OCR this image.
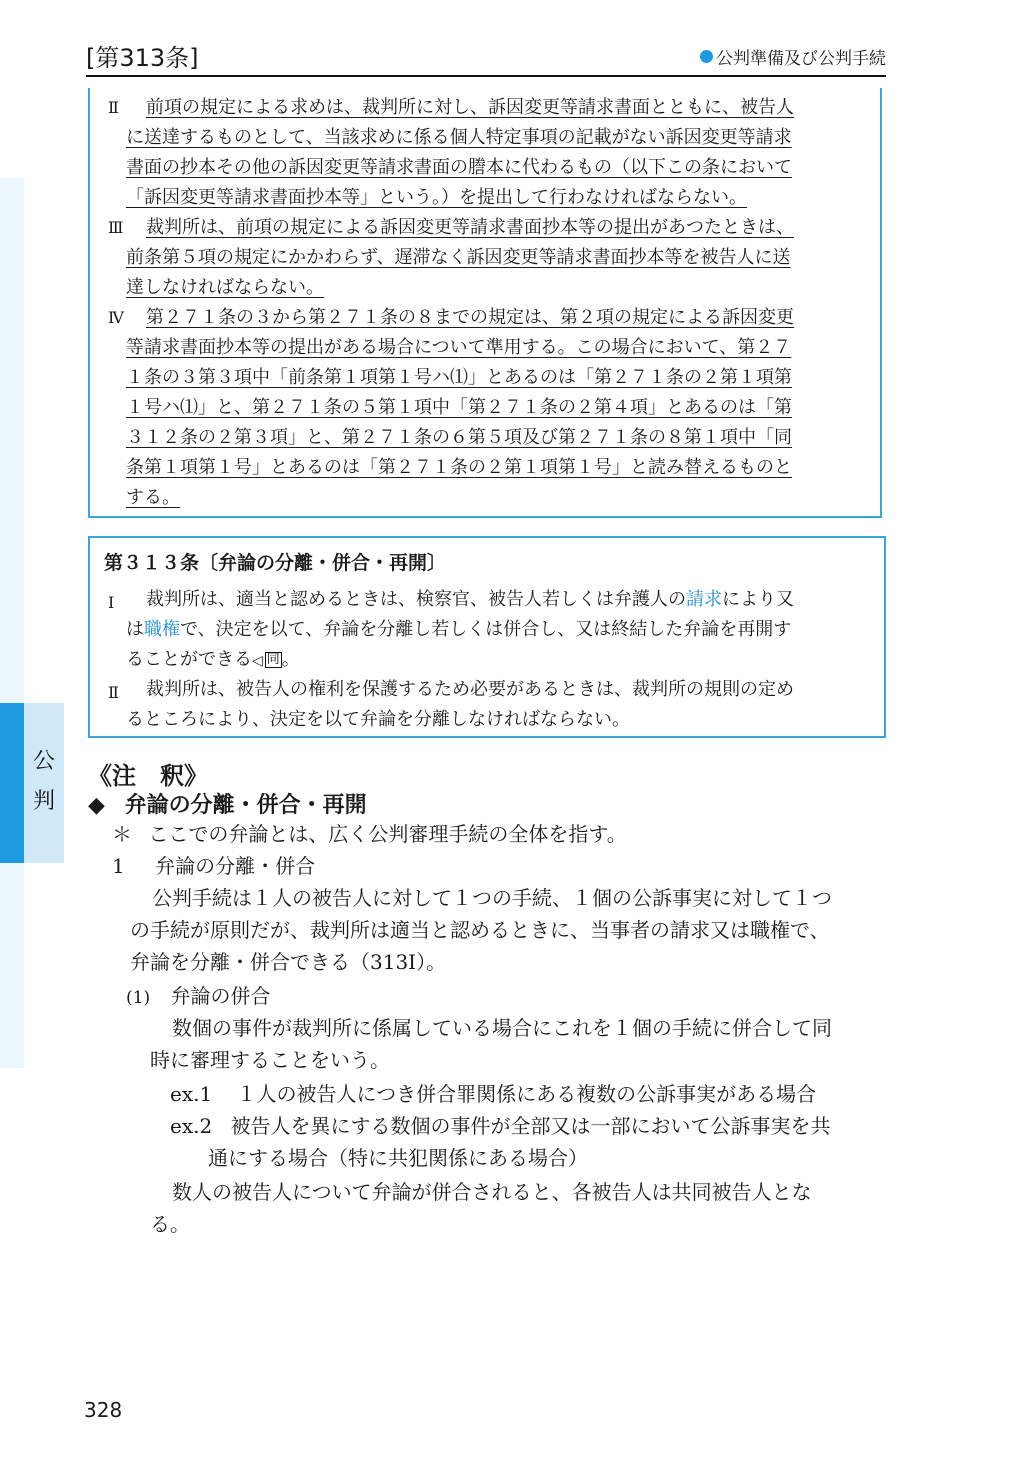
[第313条]	公判準備及び公判手続
公
判
Ⅱ 前項の規定による求めは、裁判所に対し、訴因変更等請求書面とともに、被告人
に送達するものとして、当該求めに係る個人特定事項の記載がない訴因変更等請求
書面の抄本その他の訴因変更等請求書面の謄本に代わるもの（以下この条において
「訴因変更等請求書面抄本等」という。）を提出して行わなければならない。
Ⅲ 裁判所は、前項の規定による訴因変更等請求書面抄本等の提出があつたときは、
前条第５項の規定にかかわらず、遅滞なく訴因変更等請求書面抄本等を被告人に送
達しなければならない。
Ⅳ 第２７１条の３から第２７１条の８までの規定は、第２項の規定による訴因変更
等請求書面抄本等の提出がある場合について準用する。この場合において、第２７
１条の３第３項中「前条第１項第１号ハ⑴」とあるのは「第２７１条の２第１項第
１号ハ⑴」と、第２７１条の５第１項中「第２７１条の２第４項」とあるのは「第
３１２条の２第３項」と、第２７１条の６第５項及び第２７１条の８第１項中「同
条第１項第１号」とあるのは「第２７１条の２第１項第１号」と読み替えるものと
する。
第３１３条〔弁論の分離・併合・再開〕
Ⅰ 裁判所は、適当と認めるときは、検察官、被告人若しくは弁護人の請求により又
は職権で、決定を以て、弁論を分離し若しくは併合し、又は終結した弁論を再開す
ることができる◁ 同 。
Ⅱ 裁判所は、被告人の権利を保護するため必要があるときは、裁判所の規則の定め
るところにより、決定を以て弁論を分離しなければならない。
《注　釈》
◆ 弁論の分離・併合・再開
＊ ここでの弁論とは、広く公判審理手続の全体を指す。
1 弁論の分離・併合
公判手続は１人の被告人に対して１つの手続、１個の公訴事実に対して１つ
の手続が原則だが、裁判所は適当と認めるときに、当事者の請求又は職権で、
弁論を分離・併合できる（313Ⅰ）。
(1) 弁論の併合
数個の事件が裁判所に係属している場合にこれを１個の手続に併合して同
時に審理することをいう。
ex.1 １人の被告人につき併合罪関係にある複数の公訴事実がある場合
ex.2 被告人を異にする数個の事件が全部又は一部において公訴事実を共
通にする場合（特に共犯関係にある場合）
数人の被告人について弁論が併合されると、各被告人は共同被告人とな
る。
328
